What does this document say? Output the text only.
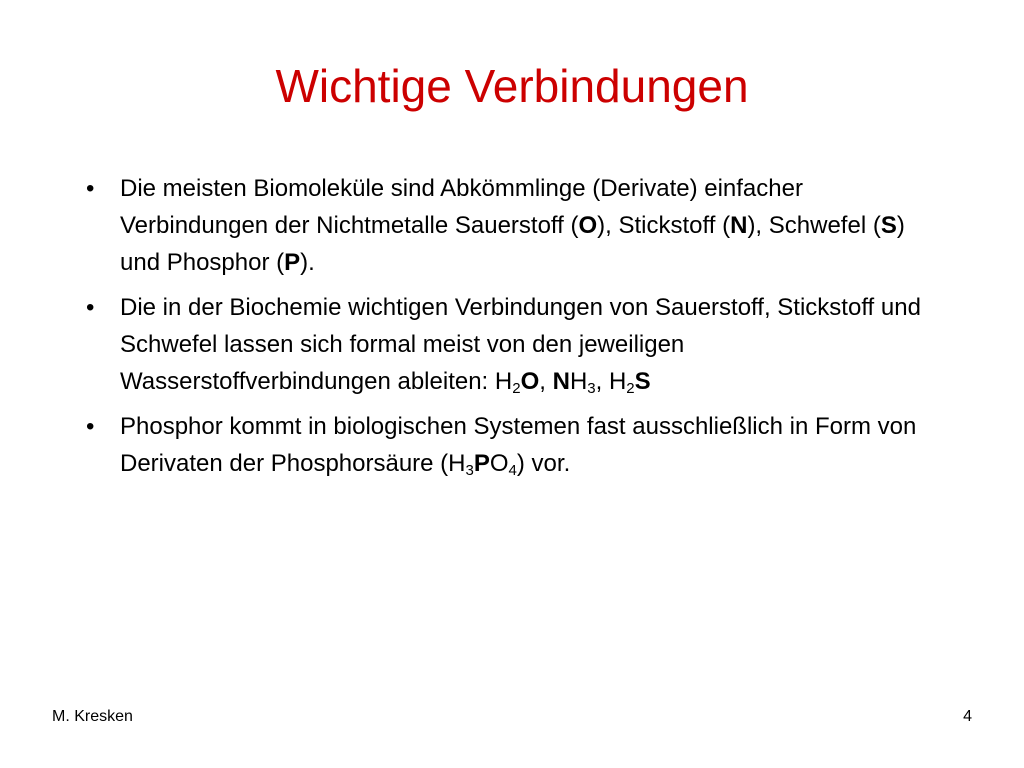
Wichtige Verbindungen
• Die meisten Biomoleküle sind Abkömmlinge (Derivate) einfacher Verbindungen der Nichtmetalle Sauerstoff (O), Stickstoff (N), Schwefel (S) und Phosphor (P).
• Die in der Biochemie wichtigen Verbindungen von Sauerstoff, Stickstoff und Schwefel lassen sich formal meist von den jeweiligen Wasserstoffverbindungen ableiten: $H_2O$, $NH_3$, $H_2S$
• Phosphor kommt in biologischen Systemen fast ausschließlich in Form von Derivaten der Phosphorsäure $(H_3PO_4)$ vor.
M. Kresken	4
